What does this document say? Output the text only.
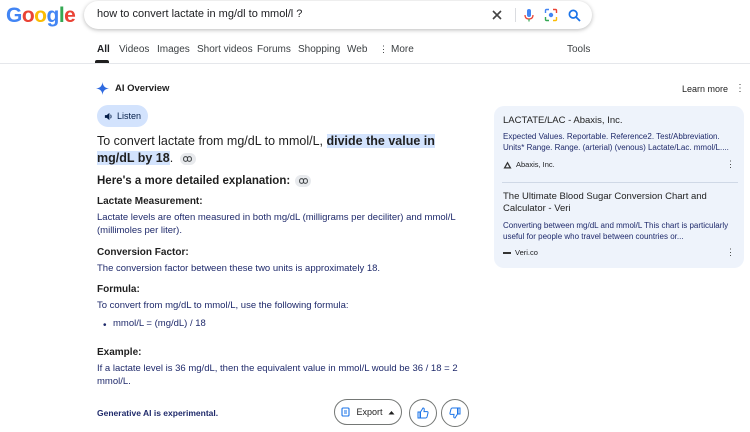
Google how to convert lactate in mg/dl to mmol/l ?
All Videos Images Short videos Forums Shopping Web ⋮ More	Tools
AI Overview
Listen
To convert lactate from mg/dL to mmol/L, divide the value in mg/dL by 18.
Here's a more detailed explanation:
Lactate Measurement:
Lactate levels are often measured in both mg/dL (milligrams per deciliter) and mmol/L (millimoles per liter).
Conversion Factor:
The conversion factor between these two units is approximately 18.
Formula:
To convert from mg/dL to mmol/L, use the following formula:
• mmol/L = (mg/dL) / 18
Example:
If a lactate level is 36 mg/dL, then the equivalent value in mmol/L would be 36 / 18 = 2 mmol/L.
Generative AI is experimental.	Export
Learn more ⋮
LACTATE/LAC - Abaxis, Inc.
Expected Values. Reportable. Reference2. Test/Abbreviation. Units* Range. Range. (arterial) (venous) Lactate/Lac. mmol/L....
Abaxis, Inc.	⋮
The Ultimate Blood Sugar Conversion Chart and Calculator - Veri
Converting between mg/dL and mmol/L This chart is particularly useful for people who travel between countries or...
Veri.co	⋮
